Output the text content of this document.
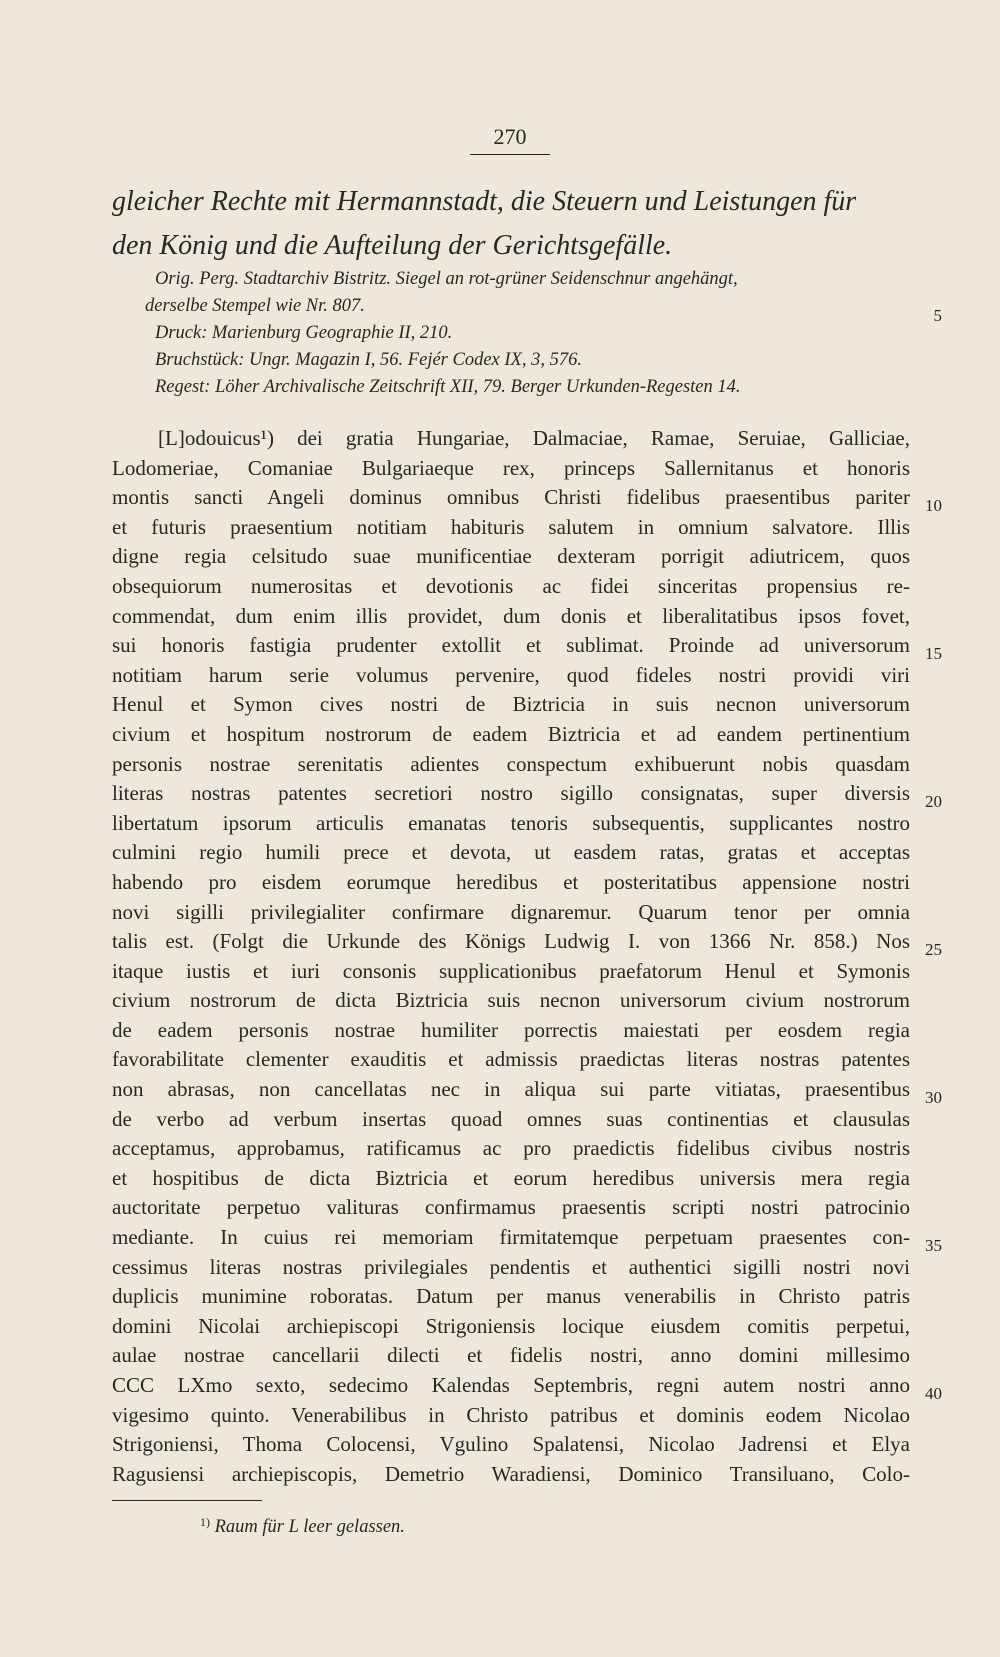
270
gleicher Rechte mit Hermannstadt, die Steuern und Leistungen für
den König und die Aufteilung der Gerichtsgefälle.
Orig. Perg. Stadtarchiv Bistritz. Siegel an rot-grüner Seidenschnur angehängt,
derselbe Stempel wie Nr. 807.
Druck: Marienburg Geographie II, 210.
Bruchstück: Ungr. Magazin I, 56. Fejér Codex IX, 3, 576.
Regest: Löher Archivalische Zeitschrift XII, 79. Berger Urkunden-Regesten 14.
5
10
15
20
25
30
35
40
[L]odouicus¹) dei gratia Hungariae, Dalmaciae, Ramae, Seruiae, Galliciae,
Lodomeriae, Comaniae Bulgariaeque rex, princeps Sallernitanus et honoris
montis sancti Angeli dominus omnibus Christi fidelibus praesentibus pariter
et futuris praesentium notitiam habituris salutem in omnium salvatore. Illis
digne regia celsitudo suae munificentiae dexteram porrigit adiutricem, quos
obsequiorum numerositas et devotionis ac fidei sinceritas propensius re-
commendat, dum enim illis providet, dum donis et liberalitatibus ipsos fovet,
sui honoris fastigia prudenter extollit et sublimat. Proinde ad universorum
notitiam harum serie volumus pervenire, quod fideles nostri providi viri
Henul et Symon cives nostri de Biztricia in suis necnon universorum
civium et hospitum nostrorum de eadem Biztricia et ad eandem pertinentium
personis nostrae serenitatis adientes conspectum exhibuerunt nobis quasdam
literas nostras patentes secretiori nostro sigillo consignatas, super diversis
libertatum ipsorum articulis emanatas tenoris subsequentis, supplicantes nostro
culmini regio humili prece et devota, ut easdem ratas, gratas et acceptas
habendo pro eisdem eorumque heredibus et posteritatibus appensione nostri
novi sigilli privilegialiter confirmare dignaremur. Quarum tenor per omnia
talis est. (Folgt die Urkunde des Königs Ludwig I. von 1366 Nr. 858.) Nos
itaque iustis et iuri consonis supplicationibus praefatorum Henul et Symonis
civium nostrorum de dicta Biztricia suis necnon universorum civium nostrorum
de eadem personis nostrae humiliter porrectis maiestati per eosdem regia
favorabilitate clementer exauditis et admissis praedictas literas nostras patentes
non abrasas, non cancellatas nec in aliqua sui parte vitiatas, praesentibus
de verbo ad verbum insertas quoad omnes suas continentias et clausulas
acceptamus, approbamus, ratificamus ac pro praedictis fidelibus civibus nostris
et hospitibus de dicta Biztricia et eorum heredibus universis mera regia
auctoritate perpetuo valituras confirmamus praesentis scripti nostri patrocinio
mediante. In cuius rei memoriam firmitatemque perpetuam praesentes con-
cessimus literas nostras privilegiales pendentis et authentici sigilli nostri novi
duplicis munimine roboratas. Datum per manus venerabilis in Christo patris
domini Nicolai archiepiscopi Strigoniensis locique eiusdem comitis perpetui,
aulae nostrae cancellarii dilecti et fidelis nostri, anno domini millesimo
CCC LXmo sexto, sedecimo Kalendas Septembris, regni autem nostri anno
vigesimo quinto. Venerabilibus in Christo patribus et dominis eodem Nicolao
Strigoniensi, Thoma Colocensi, Vgulino Spalatensi, Nicolao Jadrensi et Elya
Ragusiensi archiepiscopis, Demetrio Waradiensi, Dominico Transiluano, Colo-
$^{1)}$ Raum für L leer gelassen.
